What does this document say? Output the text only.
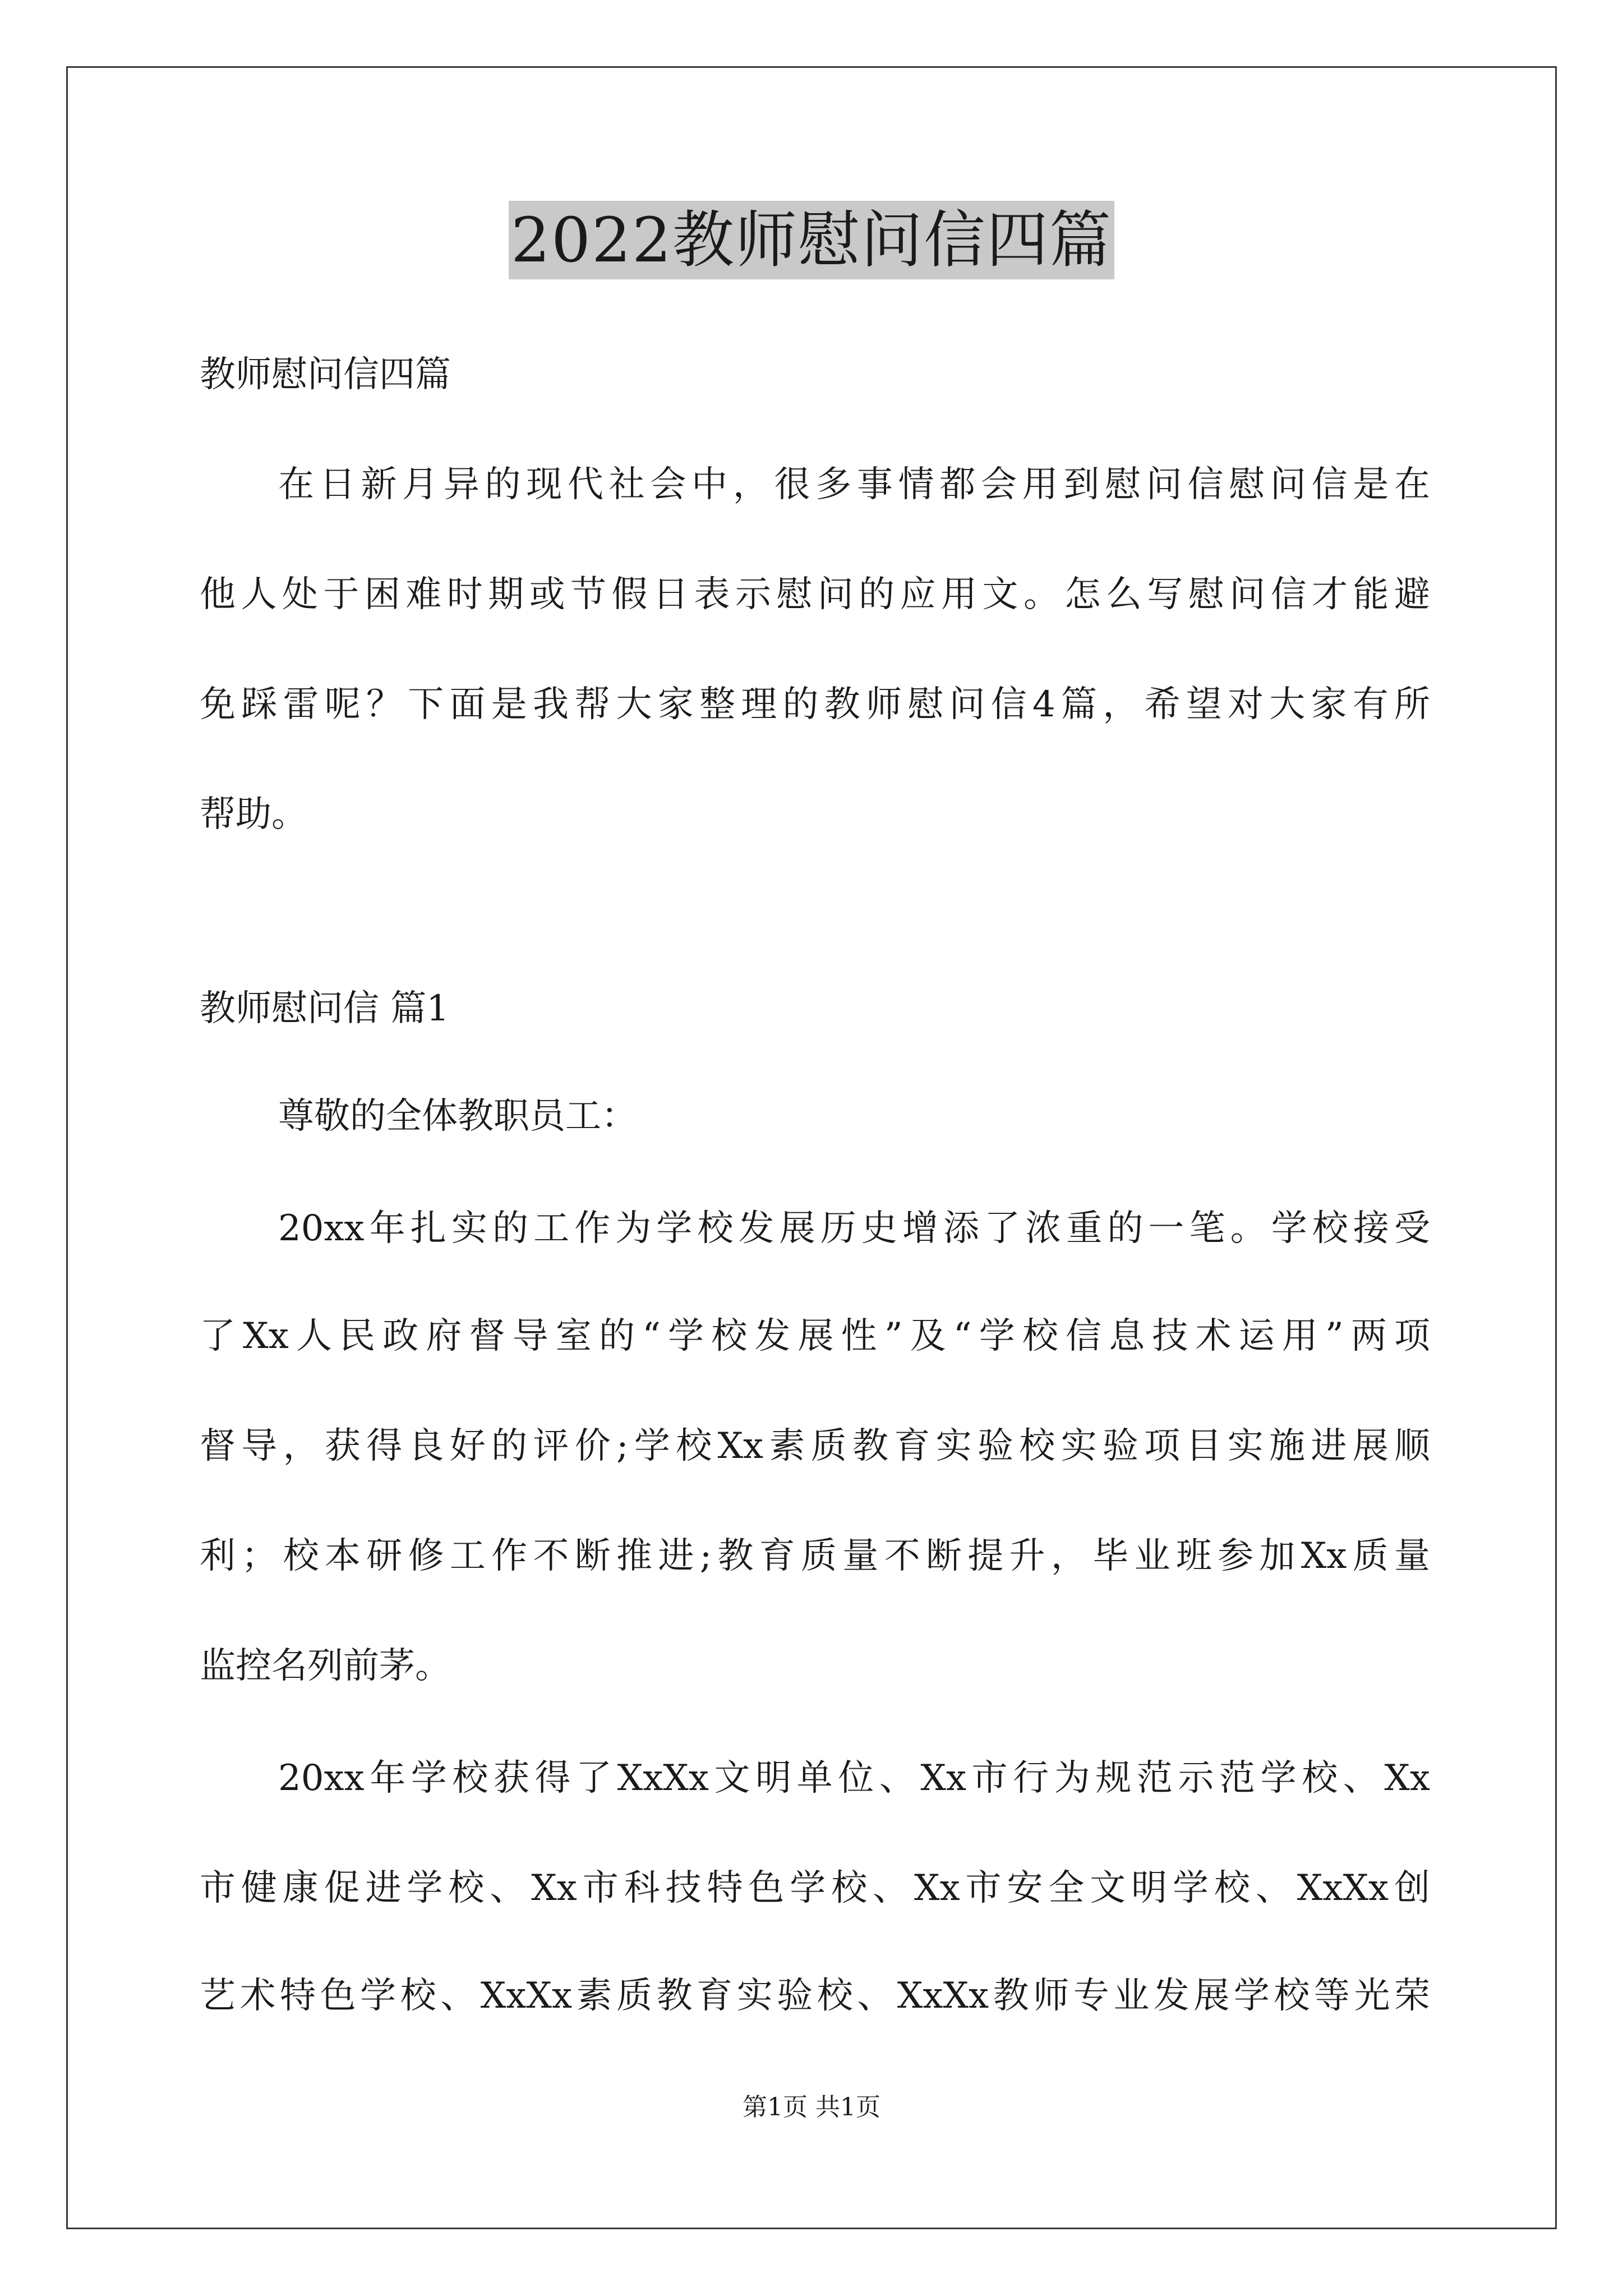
2022教师慰问信四篇
教师慰问信四篇
在日新月异的现代社会中，很多事情都会用到慰问信慰问信是在
他人处于困难时期或节假日表示慰问的应用文。怎么写慰问信才能避
免踩雷呢？下面是我帮大家整理的教师慰问信4篇，希望对大家有所
帮助。
教师慰问信 篇1
尊敬的全体教职员工：
20xx年扎实的工作为学校发展历史增添了浓重的一笔。学校接受
了Xx人民政府督导室的“学校发展性”及“学校信息技术运用”两项
督导，获得良好的评价;学校Xx素质教育实验校实验项目实施进展顺
利；校本研修工作不断推进;教育质量不断提升，毕业班参加Xx质量
监控名列前茅。
20xx年学校获得了XxXx文明单位、Xx市行为规范示范学校、Xx
市健康促进学校、Xx市科技特色学校、Xx市安全文明学校、XxXx创
艺术特色学校、XxXx素质教育实验校、XxXx教师专业发展学校等光荣
第1页 共1页
